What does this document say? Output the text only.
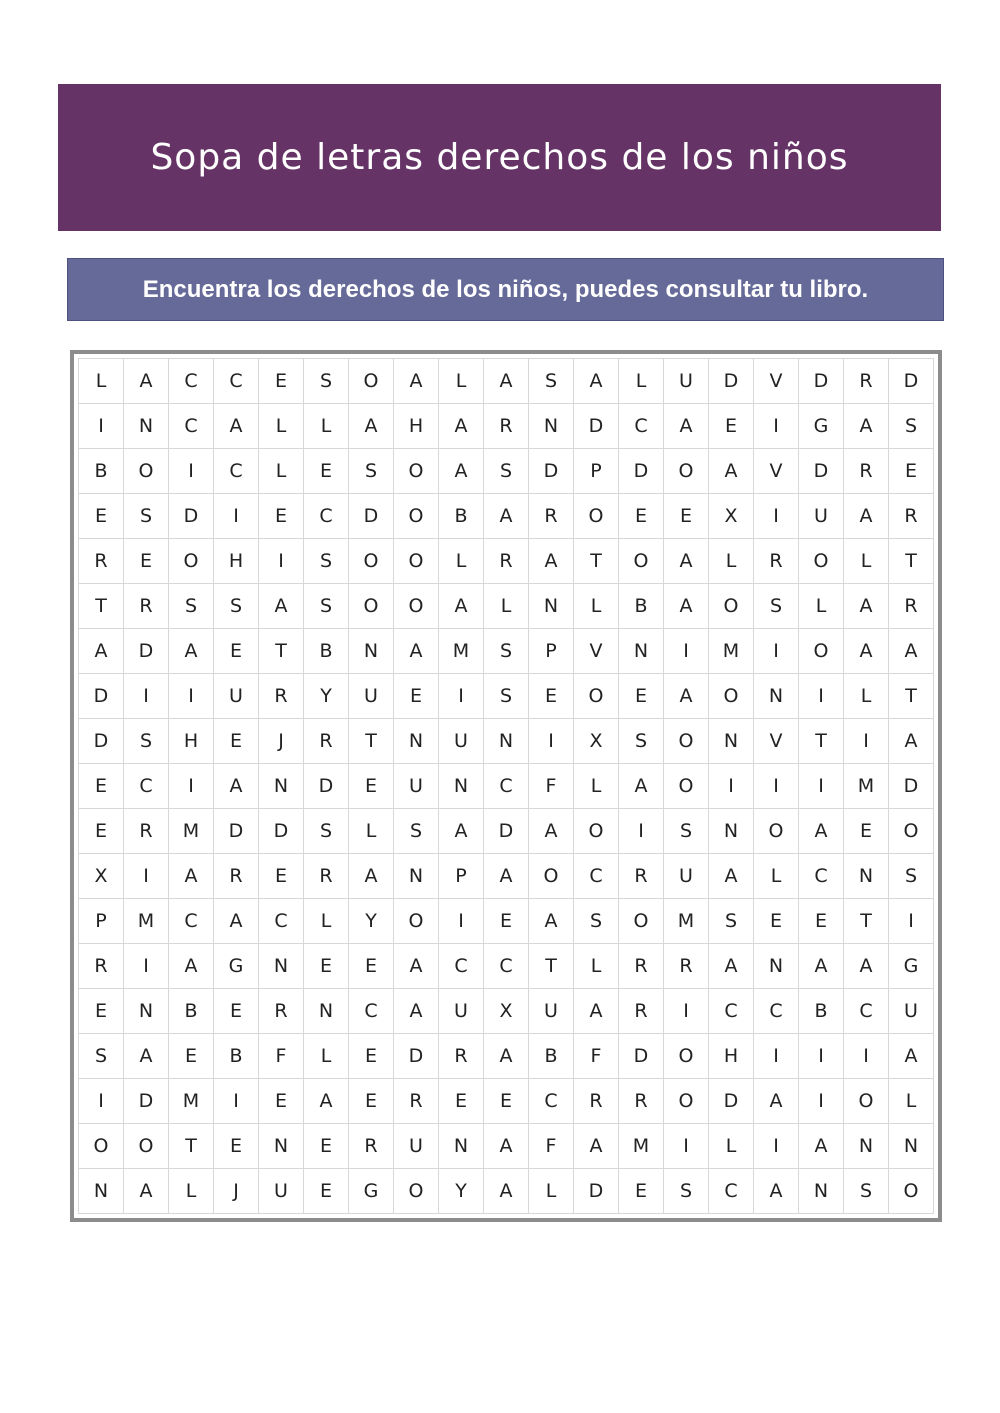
Sopa de letras derechos de los niños
Encuentra los derechos de los niños, puedes consultar tu libro.
L	A	C	C	E	S	O	A	L	A	S	A	L	U	D	V	D	R	D
I	N	C	A	L	L	A	H	A	R	N	D	C	A	E	I	G	A	S
B	O	I	C	L	E	S	O	A	S	D	P	D	O	A	V	D	R	E
E	S	D	I	E	C	D	O	B	A	R	O	E	E	X	I	U	A	R
R	E	O	H	I	S	O	O	L	R	A	T	O	A	L	R	O	L	T
T	R	S	S	A	S	O	O	A	L	N	L	B	A	O	S	L	A	R
A	D	A	E	T	B	N	A	M	S	P	V	N	I	M	I	O	A	A
D	I	I	U	R	Y	U	E	I	S	E	O	E	A	O	N	I	L	T
D	S	H	E	J	R	T	N	U	N	I	X	S	O	N	V	T	I	A
E	C	I	A	N	D	E	U	N	C	F	L	A	O	I	I	I	M	D
E	R	M	D	D	S	L	S	A	D	A	O	I	S	N	O	A	E	O
X	I	A	R	E	R	A	N	P	A	O	C	R	U	A	L	C	N	S
P	M	C	A	C	L	Y	O	I	E	A	S	O	M	S	E	E	T	I
R	I	A	G	N	E	E	A	C	C	T	L	R	R	A	N	A	A	G
E	N	B	E	R	N	C	A	U	X	U	A	R	I	C	C	B	C	U
S	A	E	B	F	L	E	D	R	A	B	F	D	O	H	I	I	I	A
I	D	M	I	E	A	E	R	E	E	C	R	R	O	D	A	I	O	L
O	O	T	E	N	E	R	U	N	A	F	A	M	I	L	I	A	N	N
N	A	L	J	U	E	G	O	Y	A	L	D	E	S	C	A	N	S	O
